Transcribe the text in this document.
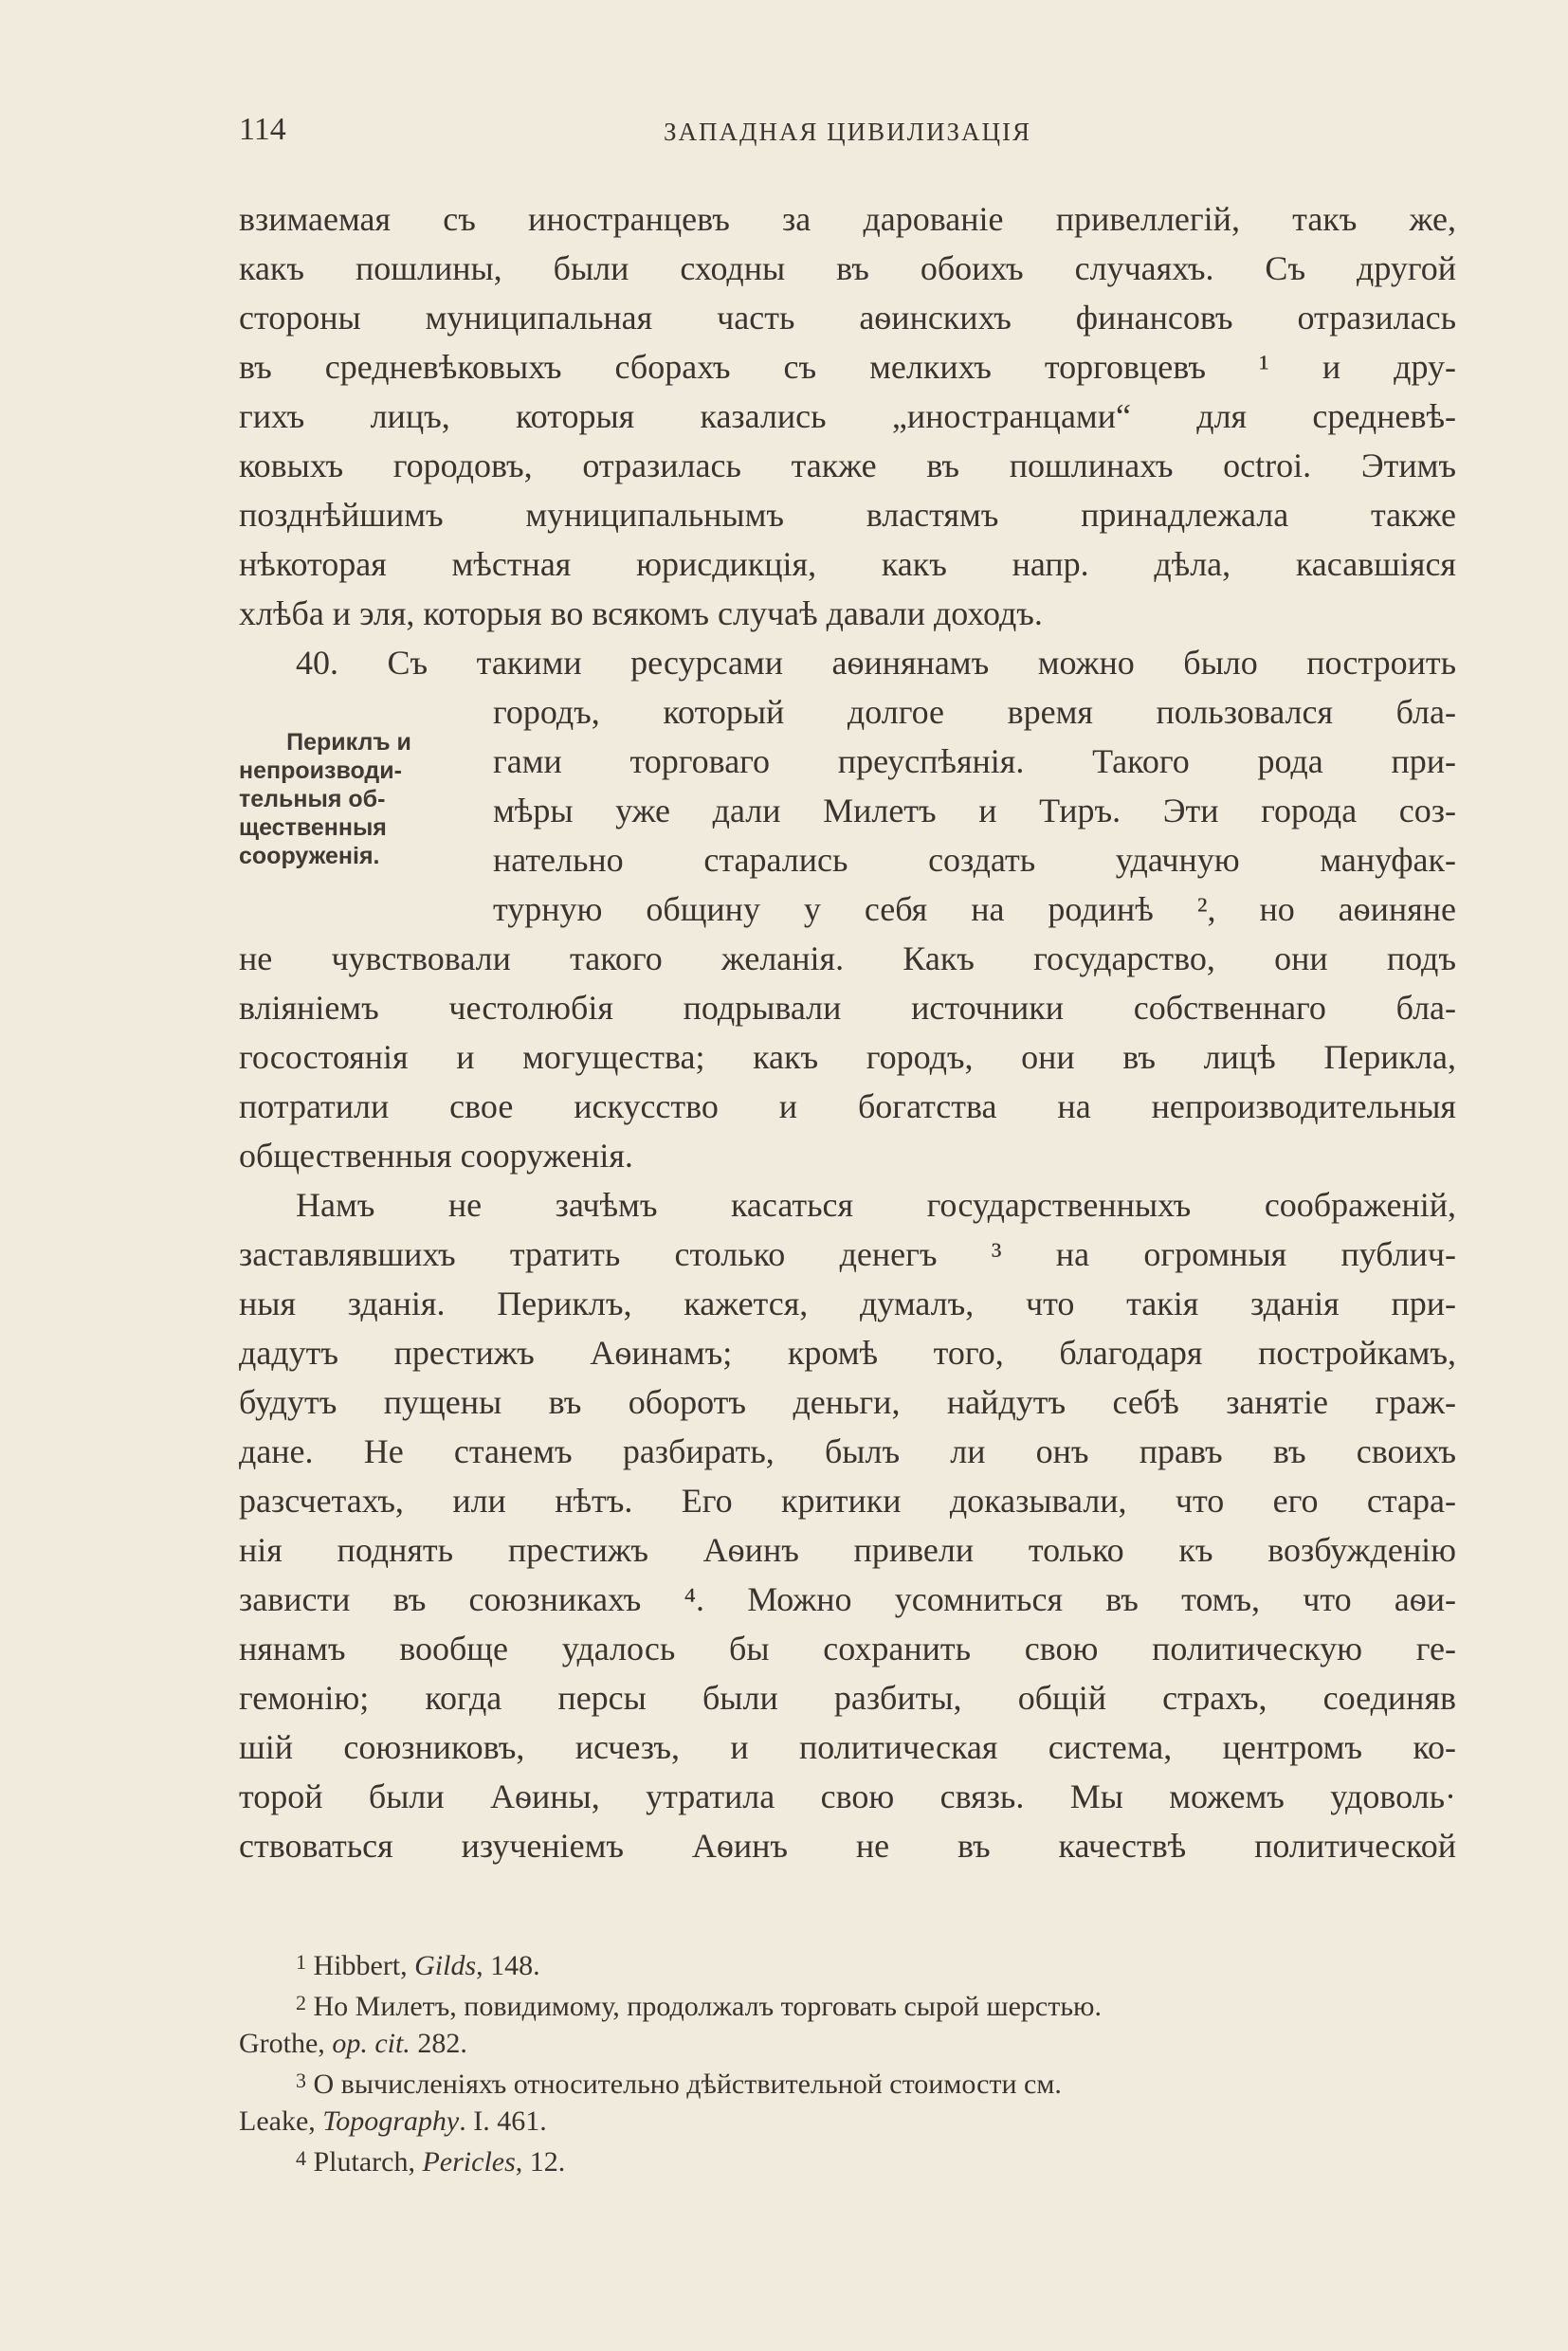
114	ЗАПАДНАЯ ЦИВИЛИЗАЦІЯ
Периклъ и
непроизводи-
тельныя об-
щественныя
сооруженія.
взимаемая съ иностранцевъ за дарованіе привеллегій, такъ же,
какъ пошлины, были сходны въ обоихъ случаяхъ. Съ другой
стороны муниципальная часть аѳинскихъ финансовъ отразилась
въ средневѣковыхъ сборахъ съ мелкихъ торговцевъ ¹ и дру-
гихъ лицъ, которыя казались „иностранцами“ для средневѣ-
ковыхъ городовъ, отразилась также въ пошлинахъ octroi. Этимъ
позднѣйшимъ муниципальнымъ властямъ принадлежала также
нѣкоторая мѣстная юрисдикція, какъ напр. дѣла, касавшіяся
хлѣба и эля, которыя во всякомъ случаѣ давали доходъ.
40. Съ такими ресурсами аѳинянамъ можно было построить
городъ, который долгое время пользовался бла-
гами торговаго преуспѣянія. Такого рода при-
мѣры уже дали Милетъ и Тиръ. Эти города соз-
нательно старались создать удачную мануфак-
турную общину у себя на родинѣ ², но аѳиняне
не чувствовали такого желанія. Какъ государство, они подъ
вліяніемъ честолюбія подрывали источники собственнаго бла-
госостоянія и могущества; какъ городъ, они въ лицѣ Перикла,
потратили свое искусство и богатства на непроизводительныя
общественныя сооруженія.
Намъ не зачѣмъ касаться государственныхъ соображеній,
заставлявшихъ тратить столько денегъ ³ на огромныя публич-
ныя зданія. Периклъ, кажется, думалъ, что такія зданія при-
дадутъ престижъ Аѳинамъ; кромѣ того, благодаря постройкамъ,
будутъ пущены въ оборотъ деньги, найдутъ себѣ занятіе граж-
дане. Не станемъ разбирать, былъ ли онъ правъ въ своихъ
разсчетахъ, или нѣтъ. Его критики доказывали, что его стара-
нія поднять престижъ Аѳинъ привели только къ возбужденію
зависти въ союзникахъ ⁴. Можно усомниться въ томъ, что аѳи-
нянамъ вообще удалось бы сохранить свою политическую ге-
гемонію; когда персы были разбиты, общій страхъ, соединяв
шій союзниковъ, исчезъ, и политическая система, центромъ ко-
торой были Аѳины, утратила свою связь. Мы можемъ удоволь·
ствоваться изученіемъ Аѳинъ не въ качествѣ политической
$^1$ Hibbert, Gilds, 148.
$^2$ Но Милетъ, повидимому, продолжалъ торговать сырой шерстью.
Grothe, op. cit. 282.
$^3$ О вычисленіяхъ относительно дѣйствительной стоимости см.
Leake, Topography. I. 461.
$^4$ Plutarch, Pericles, 12.
